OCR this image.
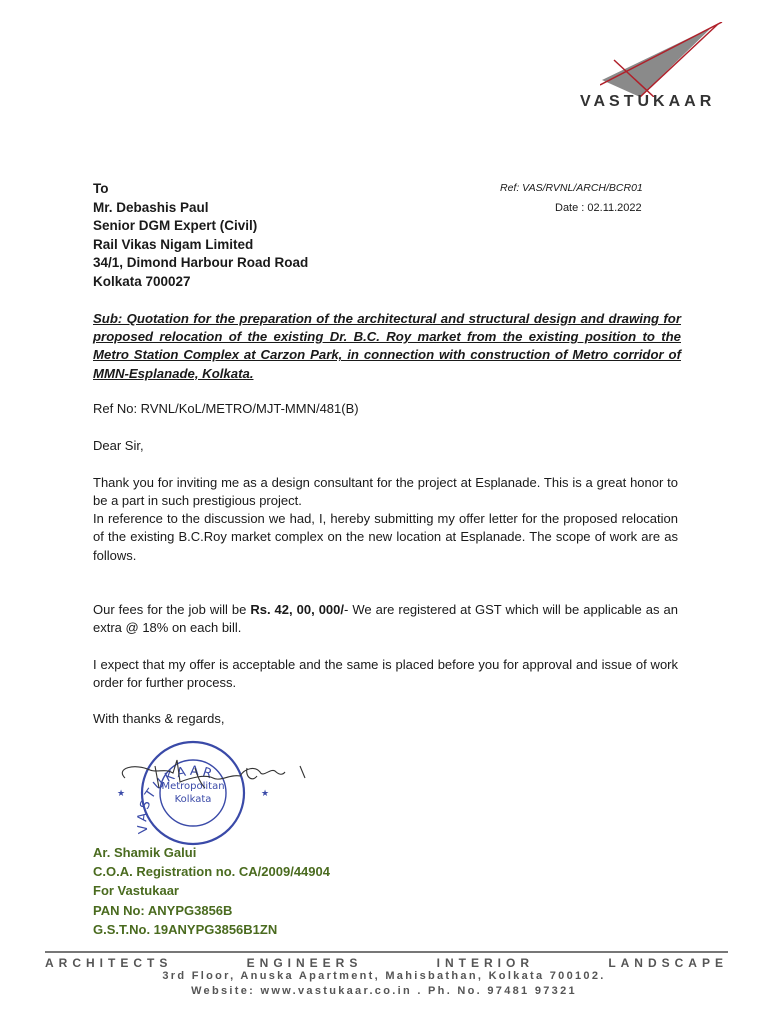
VASTUKAAR
Ref: VAS/RVNL/ARCH/BCR01
Date : 02.11.2022
To
Mr. Debashis Paul
Senior DGM Expert (Civil)
Rail Vikas Nigam Limited
34/1, Dimond Harbour Road Road
Kolkata 700027
Sub: Quotation for the preparation of the architectural and structural design and drawing for proposed relocation of the existing Dr. B.C. Roy market from the existing position to the Metro Station Complex at Carzon Park, in connection with construction of Metro corridor of MMN-Esplanade, Kolkata.
Ref No: RVNL/KoL/METRO/MJT-MMN/481(B)
Dear Sir,
Thank you for inviting me as a design consultant for the project at Esplanade. This is a great honor to be a part in such prestigious project.
In reference to the discussion we had, I, hereby submitting my offer letter for the proposed relocation of the existing B.C.Roy market complex on the new location at Esplanade. The scope of work are as follows.
Our fees for the job will be Rs. 42, 00, 000/- We are registered at GST which will be applicable as an extra @ 18% on each bill.
I expect that my offer is acceptable and the same is placed before you for approval and issue of work order for further process.
With thanks & regards,
VASTUKAAR
Metropolitan
Kolkata
★	★
Ar. Shamik Galui
C.O.A. Registration no. CA/2009/44904
For Vastukaar
PAN No: ANYPG3856B
G.S.T.No. 19ANYPG3856B1ZN
ARCHITECTS	ENGINEERS	INTERIOR	LANDSCAPE
3rd Floor, Anuska Apartment, Mahisbathan, Kolkata 700102.
Website: www.vastukaar.co.in . Ph. No. 97481 97321
